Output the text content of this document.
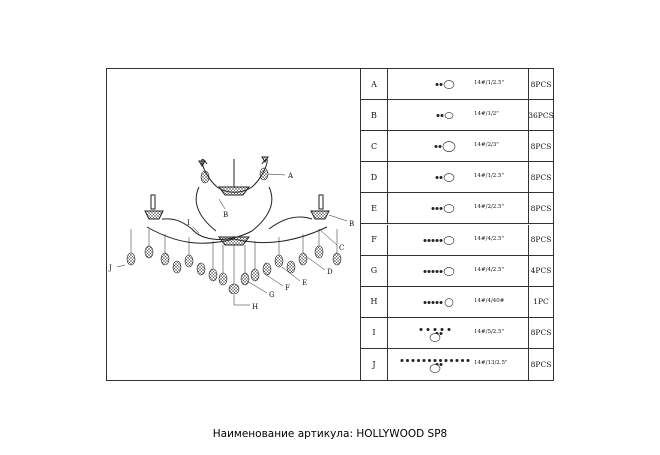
A
B
B
C
D
E
F
G
H
I
J
A	14#/1/2.5"	8PCS
B	14#/1/2"	36PCS
C	14#/2/3"	8PCS
D	14#/1/2.5"	8PCS
E	14#/2/2.5"	8PCS
F	14#/4/2.5"	8PCS
G	14#/4/2.5"	4PCS
H	14#/4/40#	1PC
I	14#/5/2.5"	8PCS
J	14#/13/2.5"	8PCS
Наименование артикула: HOLLYWOOD SP8
